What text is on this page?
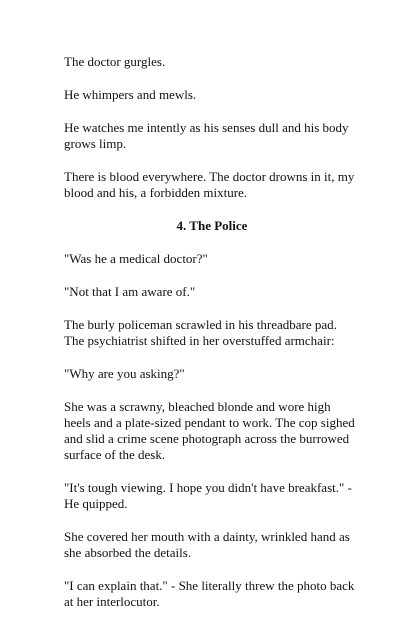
The doctor gurgles.

He whimpers and mewls.

He watches me intently as his senses dull and his body grows limp.

There is blood everywhere. The doctor drowns in it, my blood and his, a forbidden mixture.

4. The Police

"Was he a medical doctor?"

"Not that I am aware of."

The burly policeman scrawled in his threadbare pad. The psychiatrist shifted in her overstuffed armchair:

"Why are you asking?"

She was a scrawny, bleached blonde and wore high heels and a plate-sized pendant to work. The cop sighed and slid a crime scene photograph across the burrowed surface of the desk.

"It's tough viewing. I hope you didn't have breakfast." - He quipped.

She covered her mouth with a dainty, wrinkled hand as she absorbed the details.

"I can explain that." - She literally threw the photo back at her interlocutor.
